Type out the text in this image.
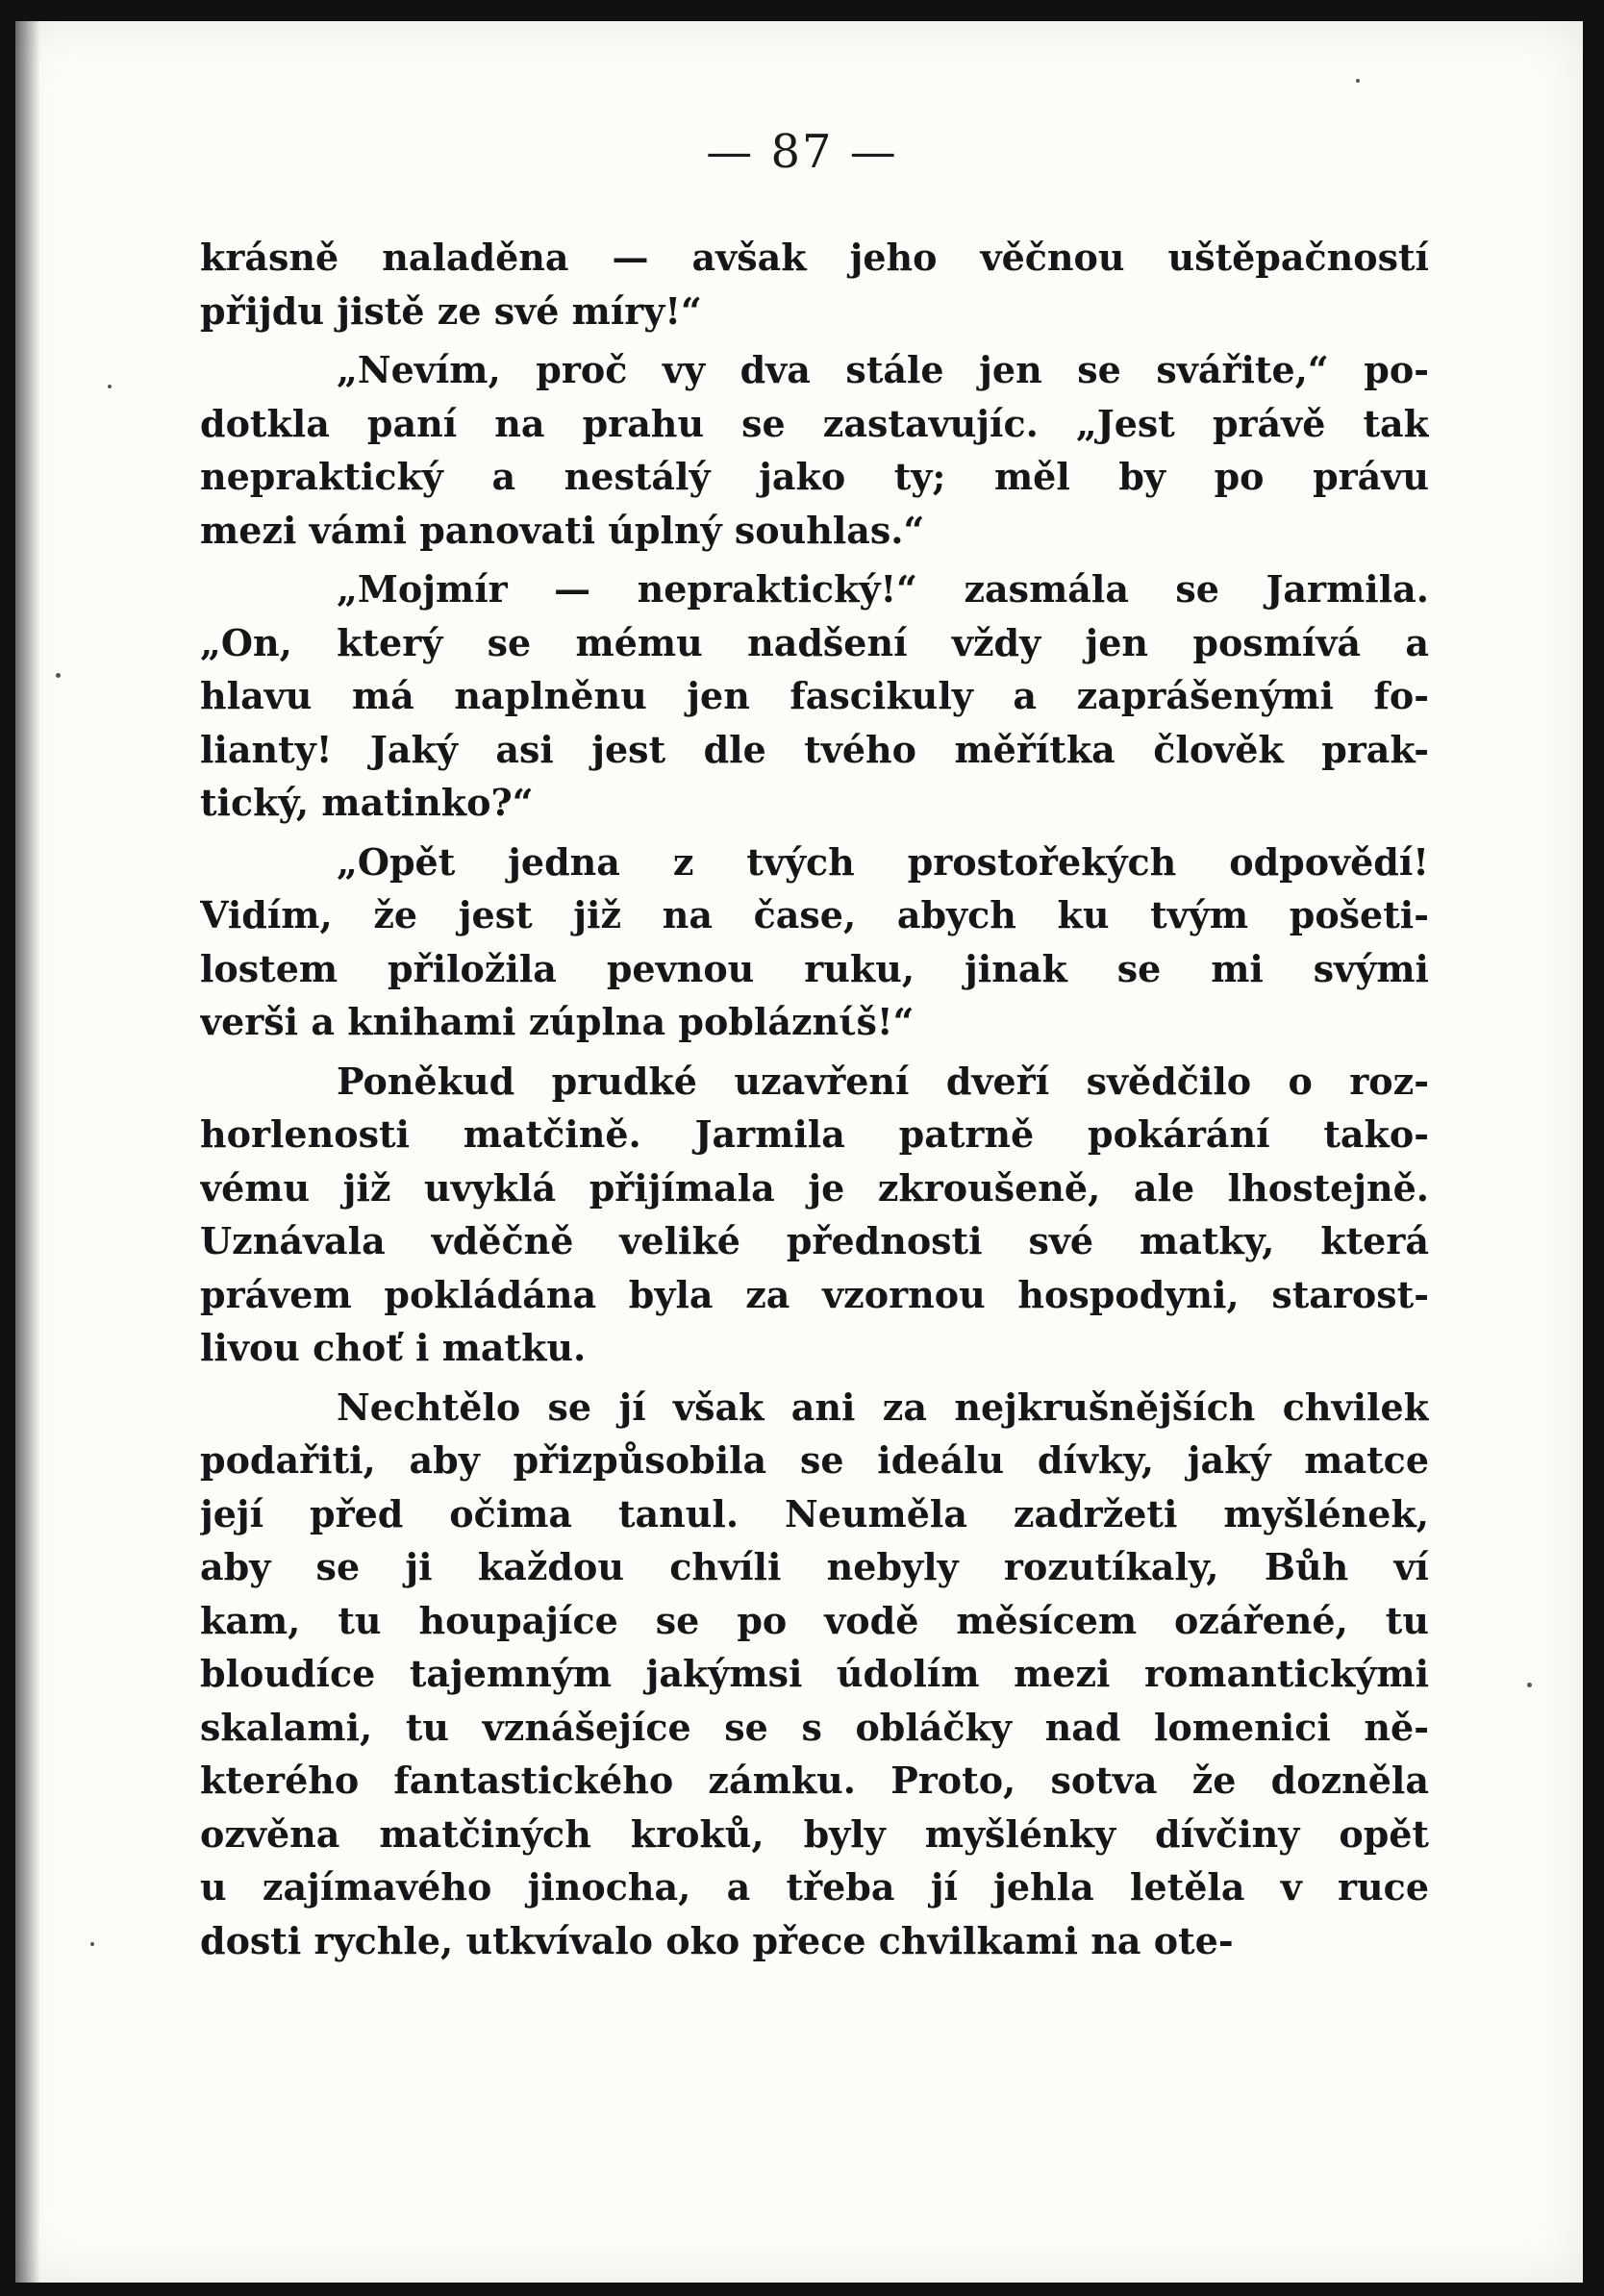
— 87 —
krásně naladěna — avšak jeho věčnou uštěpačností
přijdu jistě ze své míry!“
„Nevím, proč vy dva stále jen se svářite,“ po-
dotkla paní na prahu se zastavujíc. „Jest právě tak
nepraktický a nestálý jako ty; měl by po právu
mezi vámi panovati úplný souhlas.“
„Mojmír — nepraktický!“ zasmála se Jarmila.
„On, který se mému nadšení vždy jen posmívá a
hlavu má naplněnu jen fascikuly a zaprášenými fo-
lianty! Jaký asi jest dle tvého měřítka člověk prak-
tický, matinko?“
„Opět jedna z tvých prostořekých odpovědí!
Vidím, že jest již na čase, abych ku tvým pošeti-
lostem přiložila pevnou ruku, jinak se mi svými
verši a knihami zúplna pobláznίš!“
Poněkud prudké uzavření dveří svědčilo o roz-
horlenosti matčině. Jarmila patrně pokárání tako-
vému již uvyklá přijímala je zkroušeně, ale lhostejně.
Uznávala vděčně veliké přednosti své matky, která
právem pokládána byla za vzornou hospodyni, starost-
livou choť i matku.
Nechtělo se jí však ani za nejkrušnějších chvilek
podařiti, aby přizpůsobila se ideálu dívky, jaký matce
její před očima tanul. Neuměla zadržeti myšlének,
aby se ji každou chvíli nebyly rozutíkaly, Bůh ví
kam, tu houpajíce se po vodě měsícem ozářené, tu
bloudíce tajemným jakýmsi údolím mezi romantickými
skalami, tu vznášejíce se s obláčky nad lomenici ně-
kterého fantastického zámku. Proto, sotva že dozněla
ozvěna matčiných kroků, byly myšlénky dívčiny opět
u zajímavého jinocha, a třeba jí jehla letěla v ruce
dosti rychle, utkvívalo oko přece chvilkami na ote-
